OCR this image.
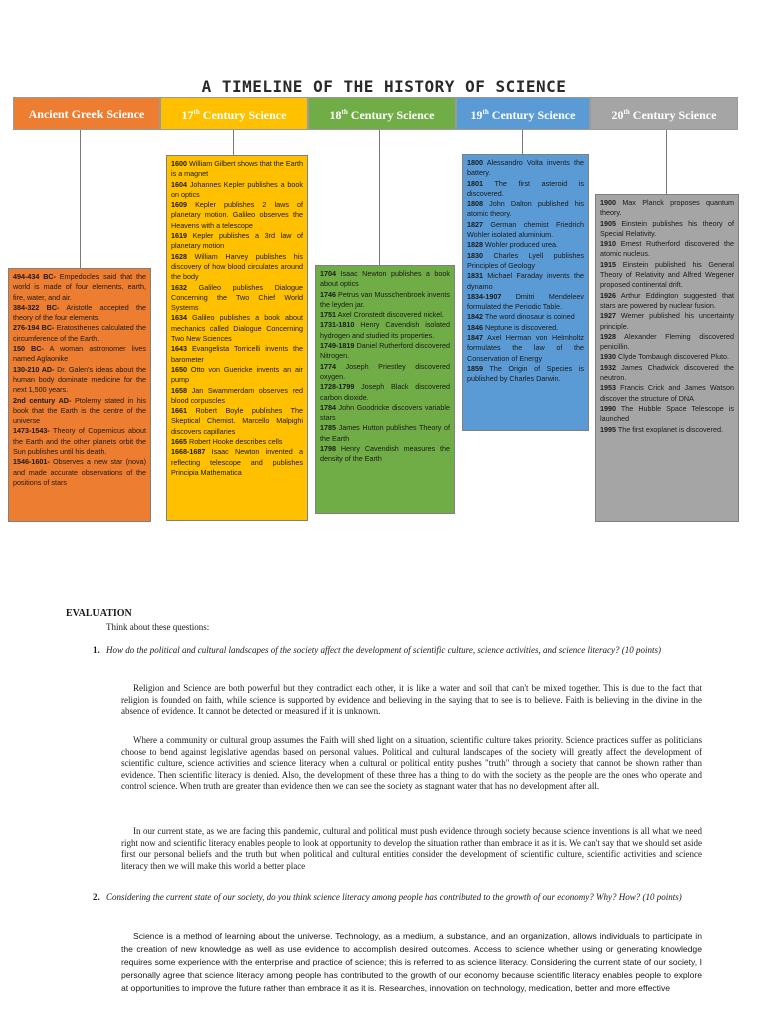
A TIMELINE OF THE HISTORY OF SCIENCE
Ancient Greek Science	17th Century Science	18th Century Science	19th Century Science	20th Century Science

494-434 BC- Empedocles said that the world is made of four elements, earth, fire, water, and air.

384-322 BC- Aristotle accepted the theory of the four elements

276-194 BC- Eratosthenes calculated the circumference of the Earth.

150 BC- A woman astronomer lives named Aglaonike

130-210 AD- Dr. Galen's ideas about the human body dominate medicine for the next 1,500 years.

2nd century AD- Ptolemy stated in his book that the Earth is the centre of the universe

1473-1543- Theory of Copernicus about the Earth and the other planets orbit the Sun publishes until his death.

1546-1601- Observes a new star (nova) and made accurate observations of the positions of stars

1600 William Gilbert shows that the Earth is a magnet

1604 Johannes Kepler publishes a book on optics

1609 Kepler publishes 2 laws of planetary motion. Galileo observes the Heavens with a telescope

1619 Kepler publishes a 3rd law of planetary motion

1628 William Harvey publishes his discovery of how blood circulates around the body

1632 Galileo publishes Dialogue Concerning the Two Chief World Systems

1634 Galileo publishes a book about mechanics called Dialogue Concerning Two New Sciences

1643 Evangelista Torricelli invents the barometer

1650 Otto von Guericke invents an air pump

1658 Jan Swammerdam observes red blood corpuscles

1661 Robert Boyle publishes The Skeptical Chemist. Marcello Malpighi discovers capillaries

1665 Robert Hooke describes cells

1668-1687 Isaac Newton invented a reflecting telescope and publishes Principia Mathematica

1704 Isaac Newton publishes a book about optics

1746 Petrus van Musschenbroek invents the leyden jar.

1751 Axel Cronstedt discovered nickel.

1731-1810 Henry Cavendish isolated hydrogen and studied its properties.

1749-1819 Daniel Rutherford discovered Nitrogen.

1774 Joseph Priestley discovered oxygen.

1728-1799 Joseph Black discovered carbon dioxide.

1784 John Goodricke discovers variable stars

1785 James Hutton publishes Theory of the Earth

1798 Henry Cavendish measures the density of the Earth

1800 Alessandro Volta invents the battery.

1801 The first asteroid is discovered.

1808 John Dalton published his atomic theory.

1827 German chemist Friedrich Wohler isolated aluminium.

1828 Wohler produced urea.

1830 Charles Lyell publishes Principles of Geology

1831 Michael Faraday invents the dynamo

1834-1907 Dmitri Mendeleev formulated the Periodic Table.

1842 The word dinosaur is coined

1846 Neptune is discovered.

1847 Axel Herman von Helmholtz formulates the law of the Conservation of Energy

1859 The Origin of Species is published by Charles Darwin.

1900 Max Planck proposes quantum theory.

1905 Einstein publishes his theory of Special Relativity.

1910 Ernest Rutherford discovered the atomic nucleus.

1915 Einstein published his General Theory of Relativity and Alfred Wegener proposed continental drift.

1926 Arthur Eddington suggested that stars are powered by nuclear fusion.

1927 Werner published his uncertainty principle.

1928 Alexander Fleming discovered penicillin.

1930 Clyde Tombaugh discovered Pluto.

1932 James Chadwick discovered the neutron.

1953 Francis Crick and James Watson discover the structure of DNA

1990 The Hubble Space Telescope is launched

1995 The first exoplanet is discovered.

EVALUATION
Think about these questions:
1. How do the political and cultural landscapes of the society affect the development of scientific culture, science activities, and science literacy? (10 points)
Religion and Science are both powerful but they contradict each other, it is like a water and soil that can't be mixed together. This is due to the fact that religion is founded on faith, while science is supported by evidence and believing in the saying that to see is to believe. Faith is believing in the divine in the absence of evidence. It cannot be detected or measured if it is unknown.
Where a community or cultural group assumes the Faith will shed light on a situation, scientific culture takes priority. Science practices suffer as politicians choose to bend against legislative agendas based on personal values. Political and cultural landscapes of the society will greatly affect the development of scientific culture, science activities and science literacy when a cultural or political entity pushes "truth" through a society that cannot be shown rather than evidence. Then scientific literacy is denied. Also, the development of these three has a thing to do with the society as the people are the ones who operate and control science. When truth are greater than evidence then we can see the society as stagnant water that has no development after all.
In our current state, as we are facing this pandemic, cultural and political must push evidence through society because science inventions is all what we need right now and scientific literacy enables people to look at opportunity to develop the situation rather than embrace it as it is. We can't say that we should set aside first our personal beliefs and the truth but when political and cultural entities consider the development of scientific culture, scientific activities and science literacy then we will make this world a better place
2. Considering the current state of our society, do you think science literacy among people has contributed to the growth of our economy? Why? How? (10 points)
Science is a method of learning about the universe. Technology, as a medium, a substance, and an organization, allows individuals to participate in the creation of new knowledge as well as use evidence to accomplish desired outcomes. Access to science whether using or generating knowledge requires some experience with the enterprise and practice of science; this is referred to as science literacy. Considering the current state of our society, I personally agree that science literacy among people has contributed to the growth of our economy because scientific literacy enables people to explore at opportunities to improve the future rather than embrace it as it is. Researches, innovation on technology, medication, better and more effective
